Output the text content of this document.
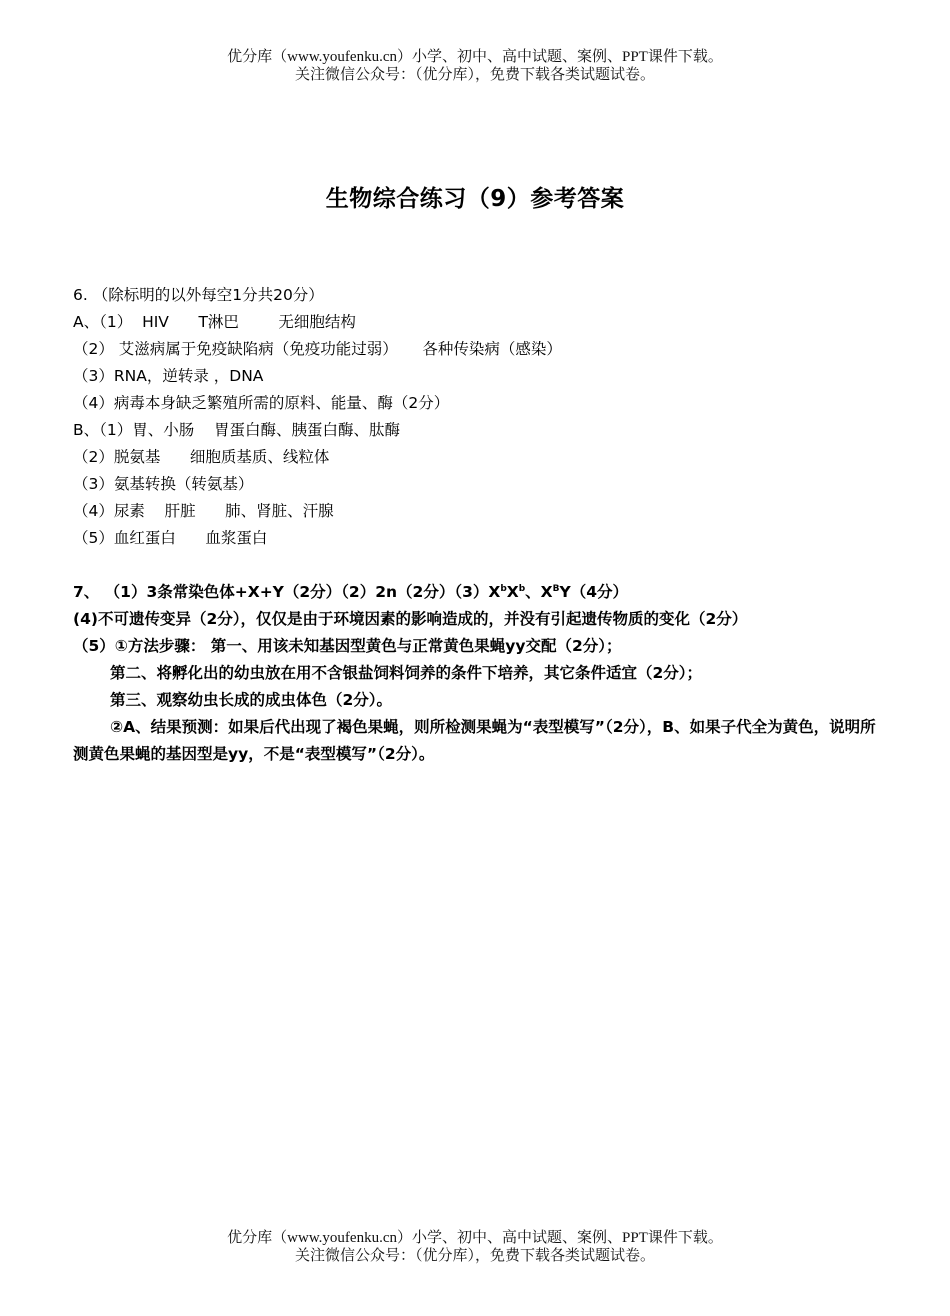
优分库（www.youfenku.cn）小学、初中、高中试题、案例、PPT课件下载。
关注微信公众号：（优分库），免费下载各类试题试卷。
生物综合练习（9）参考答案
6. （除标明的以外每空1分共20分）
A、（1）  HIV      T淋巴        无细胞结构
（2） 艾滋病属于免疫缺陷病（免疫功能过弱）     各种传染病（感染）
（3）RNA，逆转录 ，DNA
（4）病毒本身缺乏繁殖所需的原料、能量、酶（2分）
B、（1）胃、小肠    胃蛋白酶、胰蛋白酶、肽酶
（2）脱氨基      细胞质基质、线粒体
（3）氨基转换（转氨基）
（4）尿素    肝脏      肺、肾脏、汗腺
（5）血红蛋白      血浆蛋白
7、 （1）3条常染色体+X+Y（2分）（2）2n（2分）$(3)X^bX^b$、$X^BY(4$分）
(4)不可遗传变异（2分），仅仅是由于环境因素的影响造成的，并没有引起遗传物质的变化（2分）
（5）①方法步骤： 第一、用该未知基因型黄色与正常黄色果蝇yy交配（2分）；
第二、将孵化出的幼虫放在用不含银盐饲料饲养的条件下培养，其它条件适宜（2分）；
第三、观察幼虫长成的成虫体色（2分）。
②A、结果预测：如果后代出现了褐色果蝇，则所检测果蝇为“表型模写”（2分），B、如果子代全为黄色，说明所测黄色果蝇的基因型是yy，不是“表型模写”（2分）。
优分库（www.youfenku.cn）小学、初中、高中试题、案例、PPT课件下载。
关注微信公众号：（优分库），免费下载各类试题试卷。
